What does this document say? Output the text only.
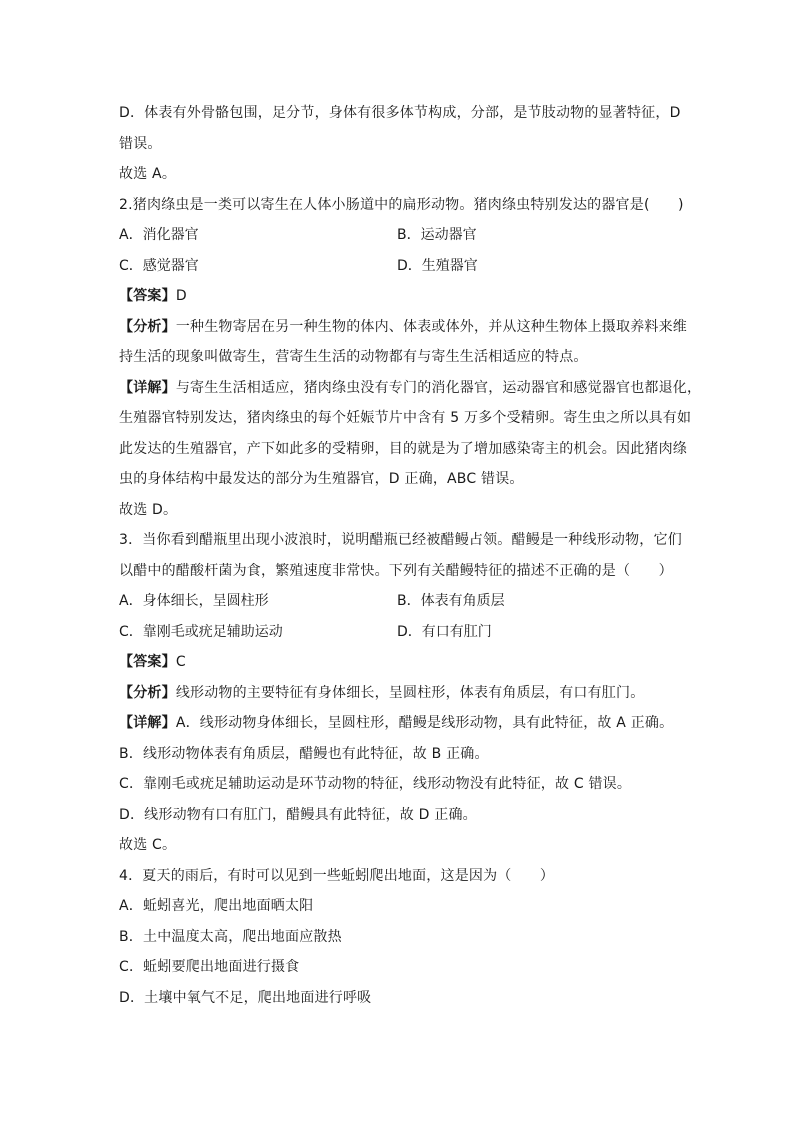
D．体表有外骨骼包围，足分节，身体有很多体节构成，分部，是节肢动物的显著特征，D
错误。
故选 A。
2.猪肉绦虫是一类可以寄生在人体小肠道中的扁形动物。猪肉绦虫特别发达的器官是(　　)
A．消化器官	B．运动器官
C．感觉器官	D．生殖器官
【答案】D
【分析】一种生物寄居在另一种生物的体内、体表或体外，并从这种生物体上摄取养料来维
持生活的现象叫做寄生，营寄生生活的动物都有与寄生生活相适应的特点。
【详解】与寄生生活相适应，猪肉绦虫没有专门的消化器官，运动器官和感觉器官也都退化，
生殖器官特别发达，猪肉绦虫的每个妊娠节片中含有 5 万多个受精卵。寄生虫之所以具有如
此发达的生殖器官，产下如此多的受精卵，目的就是为了增加感染寄主的机会。因此猪肉绦
虫的身体结构中最发达的部分为生殖器官，D 正确，ABC 错误。
故选 D。
3．当你看到醋瓶里出现小波浪时，说明醋瓶已经被醋鳗占领。醋鳗是一种线形动物，它们
以醋中的醋酸杆菌为食，繁殖速度非常快。下列有关醋鳗特征的描述不正确的是（　　）
A．身体细长，呈圆柱形	B．体表有角质层
C．靠刚毛或疣足辅助运动	D．有口有肛门
【答案】C
【分析】线形动物的主要特征有身体细长，呈圆柱形，体表有角质层，有口有肛门。
【详解】A．线形动物身体细长，呈圆柱形，醋鳗是线形动物，具有此特征，故 A 正确。
B．线形动物体表有角质层，醋鳗也有此特征，故 B 正确。
C．靠刚毛或疣足辅助运动是环节动物的特征，线形动物没有此特征，故 C 错误。
D．线形动物有口有肛门，醋鳗具有此特征，故 D 正确。
故选 C。
4．夏天的雨后，有时可以见到一些蚯蚓爬出地面，这是因为（　　）
A．蚯蚓喜光，爬出地面晒太阳
B．土中温度太高，爬出地面应散热
C．蚯蚓要爬出地面进行摄食
D．土壤中氧气不足，爬出地面进行呼吸
